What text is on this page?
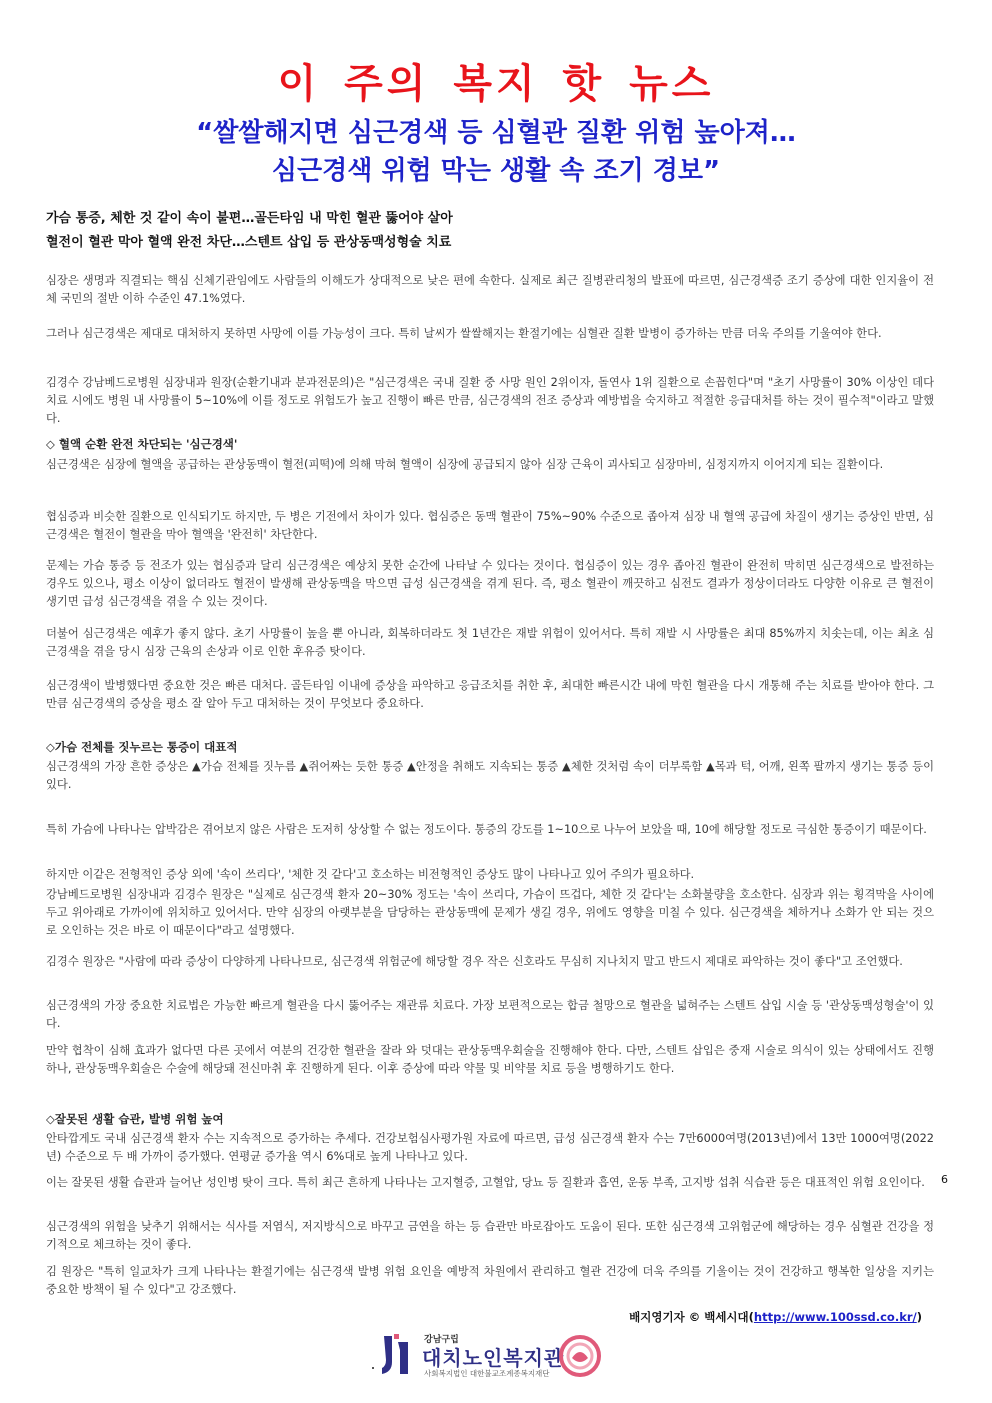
이 주의 복지 핫 뉴스
“쌀쌀해지면 심근경색 등 심혈관 질환 위험 높아져…
심근경색 위험 막는 생활 속 조기 경보”
가슴 통증, 체한 것 같이 속이 불편…골든타임 내 막힌 혈관 뚫어야 살아
혈전이 혈관 막아 혈액 완전 차단…스텐트 삽입 등 관상동맥성형술 치료

심장은 생명과 직결되는 핵심 신체기관임에도 사람들의 이해도가 상대적으로 낮은 편에 속한다. 실제로 최근 질병관리청의 발표에 따르면, 심근경색증 조기 증상에 대한 인지율이 전체 국민의 절반 이하 수준인 47.1%였다.

그러나 심근경색은 제대로 대처하지 못하면 사망에 이를 가능성이 크다. 특히 날씨가 쌀쌀해지는 환절기에는 심혈관 질환 발병이 증가하는 만큼 더욱 주의를 기울여야 한다.

김경수 강남베드로병원 심장내과 원장(순환기내과 분과전문의)은 "심근경색은 국내 질환 중 사망 원인 2위이자, 돌연사 1위 질환으로 손꼽힌다"며 "초기 사망률이 30% 이상인 데다 치료 시에도 병원 내 사망률이 5~10%에 이를 정도로 위험도가 높고 진행이 빠른 만큼, 심근경색의 전조 증상과 예방법을 숙지하고 적절한 응급대처를 하는 것이 필수적"이라고 말했다.

◇ 혈액 순환 완전 차단되는 '심근경색'

심근경색은 심장에 혈액을 공급하는 관상동맥이 혈전(피떡)에 의해 막혀 혈액이 심장에 공급되지 않아 심장 근육이 괴사되고 심장마비, 심정지까지 이어지게 되는 질환이다.

협심증과 비슷한 질환으로 인식되기도 하지만, 두 병은 기전에서 차이가 있다. 협심증은 동맥 혈관이 75%~90% 수준으로 좁아져 심장 내 혈액 공급에 차질이 생기는 증상인 반면, 심근경색은 혈전이 혈관을 막아 혈액을 '완전히' 차단한다.

문제는 가슴 통증 등 전조가 있는 협심증과 달리 심근경색은 예상치 못한 순간에 나타날 수 있다는 것이다. 협심증이 있는 경우 좁아진 혈관이 완전히 막히면 심근경색으로 발전하는 경우도 있으나, 평소 이상이 없더라도 혈전이 발생해 관상동맥을 막으면 급성 심근경색을 겪게 된다. 즉, 평소 혈관이 깨끗하고 심전도 결과가 정상이더라도 다양한 이유로 큰 혈전이 생기면 급성 심근경색을 겪을 수 있는 것이다.

더불어 심근경색은 예후가 좋지 않다. 초기 사망률이 높을 뿐 아니라, 회복하더라도 첫 1년간은 재발 위험이 있어서다. 특히 재발 시 사망률은 최대 85%까지 치솟는데, 이는 최초 심근경색을 겪을 당시 심장 근육의 손상과 이로 인한 후유증 탓이다.

심근경색이 발병했다면 중요한 것은 빠른 대처다. 골든타임 이내에 증상을 파악하고 응급조치를 취한 후, 최대한 빠른시간 내에 막힌 혈관을 다시 개통해 주는 치료를 받아야 한다. 그만큼 심근경색의 증상을 평소 잘 알아 두고 대처하는 것이 무엇보다 중요하다.

◇가슴 전체를 짓누르는 통증이 대표적

심근경색의 가장 흔한 증상은 ▲가슴 전체를 짓누름 ▲쥐어짜는 듯한 통증 ▲안정을 취해도 지속되는 통증 ▲체한 것처럼 속이 더부룩함 ▲목과 턱, 어깨, 왼쪽 팔까지 생기는 통증 등이 있다.

특히 가슴에 나타나는 압박감은 겪어보지 않은 사람은 도저히 상상할 수 없는 정도이다. 통증의 강도를 1~10으로 나누어 보았을 때, 10에 해당할 정도로 극심한 통증이기 때문이다.

하지만 이같은 전형적인 증상 외에 '속이 쓰리다', '체한 것 같다'고 호소하는 비전형적인 증상도 많이 나타나고 있어 주의가 필요하다.

강남베드로병원 심장내과 김경수 원장은 "실제로 심근경색 환자 20~30% 정도는 '속이 쓰리다, 가슴이 뜨겁다, 체한 것 같다'는 소화불량을 호소한다. 심장과 위는 횡격막을 사이에 두고 위아래로 가까이에 위치하고 있어서다. 만약 심장의 아랫부분을 담당하는 관상동맥에 문제가 생길 경우, 위에도 영향을 미칠 수 있다. 심근경색을 체하거나 소화가 안 되는 것으로 오인하는 것은 바로 이 때문이다"라고 설명했다.

김경수 원장은 "사람에 따라 증상이 다양하게 나타나므로, 심근경색 위험군에 해당할 경우 작은 신호라도 무심히 지나치지 말고 반드시 제대로 파악하는 것이 좋다"고 조언했다.

심근경색의 가장 중요한 치료법은 가능한 빠르게 혈관을 다시 뚫어주는 재관류 치료다. 가장 보편적으로는 합금 철망으로 혈관을 넓혀주는 스텐트 삽입 시술 등 '관상동맥성형술'이 있다.

만약 협착이 심해 효과가 없다면 다른 곳에서 여분의 건강한 혈관을 잘라 와 덧대는 관상동맥우회술을 진행해야 한다. 다만, 스텐트 삽입은 중재 시술로 의식이 있는 상태에서도 진행하나, 관상동맥우회술은 수술에 해당돼 전신마취 후 진행하게 된다. 이후 증상에 따라 약물 및 비약물 치료 등을 병행하기도 한다.

◇잘못된 생활 습관, 발병 위험 높여

안타깝게도 국내 심근경색 환자 수는 지속적으로 증가하는 추세다. 건강보험심사평가원 자료에 따르면, 급성 심근경색 환자 수는 7만6000여명(2013년)에서 13만 1000여명(2022년) 수준으로 두 배 가까이 증가했다. 연평균 증가율 역시 6%대로 높게 나타나고 있다.

이는 잘못된 생활 습관과 늘어난 성인병 탓이 크다. 특히 최근 흔하게 나타나는 고지혈증, 고혈압, 당뇨 등 질환과 흡연, 운동 부족, 고지방 섭취 식습관 등은 대표적인 위험 요인이다.

심근경색의 위험을 낮추기 위해서는 식사를 저염식, 저지방식으로 바꾸고 금연을 하는 등 습관만 바로잡아도 도움이 된다. 또한 심근경색 고위험군에 해당하는 경우 심혈관 건강을 정기적으로 체크하는 것이 좋다.

김 원장은 "특히 일교차가 크게 나타나는 환절기에는 심근경색 발병 위험 요인을 예방적 차원에서 관리하고 혈관 건강에 더욱 주의를 기울이는 것이 건강하고 행복한 일상을 지키는 중요한 방책이 될 수 있다"고 강조했다.

6
배지영기자 © 백세시대(http://www.100ssd.co.kr/)
강남구립
대치노인복지관
사회복지법인 대한불교조계종복지재단
